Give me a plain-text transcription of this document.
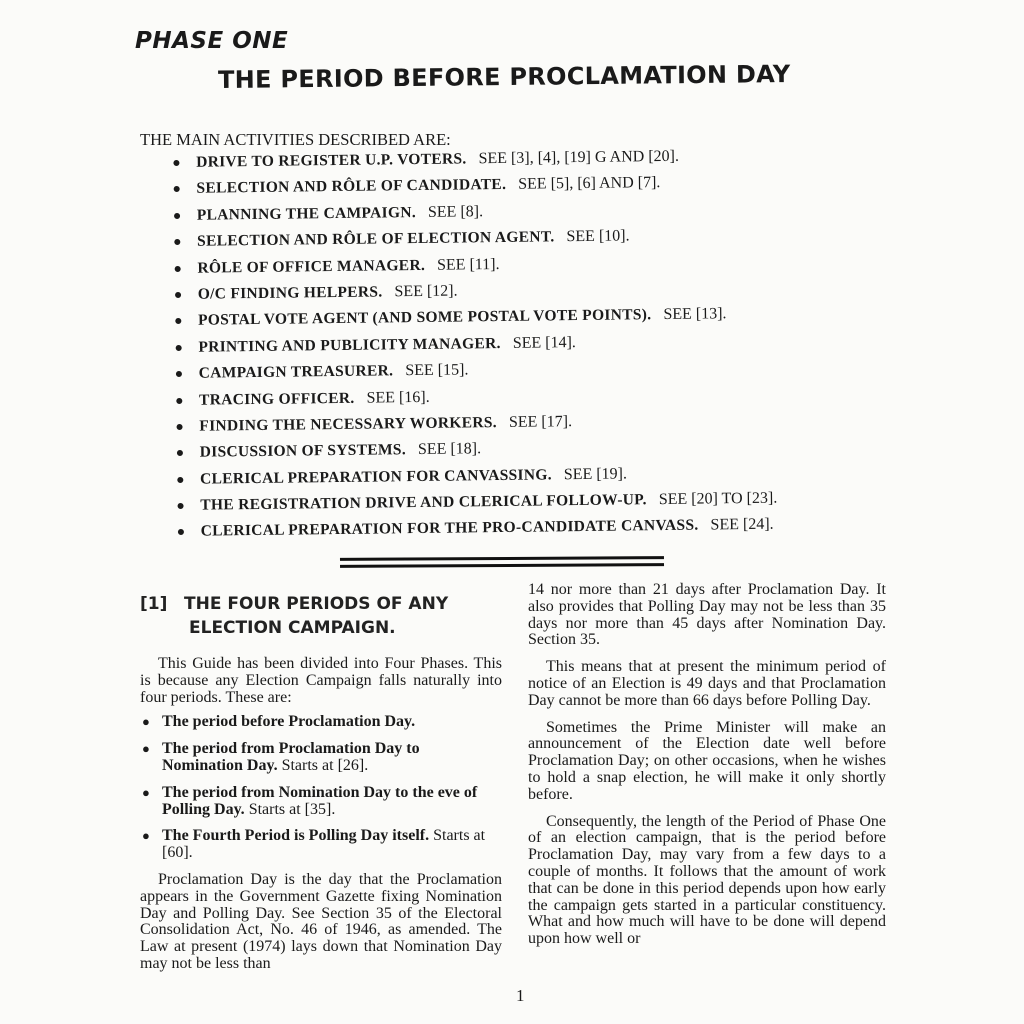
PHASE ONE
THE PERIOD BEFORE PROCLAMATION DAY
THE MAIN ACTIVITIES DESCRIBED ARE:
● DRIVE TO REGISTER U.P. VOTERS. SEE [3], [4], [19] G AND [20].
● SELECTION AND RÔLE OF CANDIDATE. SEE [5], [6] AND [7].
● PLANNING THE CAMPAIGN. SEE [8].
● SELECTION AND RÔLE OF ELECTION AGENT. SEE [10].
● RÔLE OF OFFICE MANAGER. SEE [11].
● O/C FINDING HELPERS. SEE [12].
● POSTAL VOTE AGENT (AND SOME POSTAL VOTE POINTS). SEE [13].
● PRINTING AND PUBLICITY MANAGER. SEE [14].
● CAMPAIGN TREASURER. SEE [15].
● TRACING OFFICER. SEE [16].
● FINDING THE NECESSARY WORKERS. SEE [17].
● DISCUSSION OF SYSTEMS. SEE [18].
● CLERICAL PREPARATION FOR CANVASSING. SEE [19].
● THE REGISTRATION DRIVE AND CLERICAL FOLLOW-UP. SEE [20] TO [23].
● CLERICAL PREPARATION FOR THE PRO-CANDIDATE CANVASS. SEE [24].
[1] THE FOUR PERIODS OF ANY
ELECTION CAMPAIGN.

This Guide has been divided into Four Phases. This is because any Election Campaign falls naturally into four periods. These are:

● The period before Proclamation Day.
● The period from Proclamation Day to Nomination Day. Starts at [26].
● The period from Nomination Day to the eve of Polling Day. Starts at [35].
● The Fourth Period is Polling Day itself. Starts at [60].

Proclamation Day is the day that the Proclamation appears in the Government Gazette fixing Nomination Day and Polling Day. See Section 35 of the Electoral Consolidation Act, No. 46 of 1946, as amended. The Law at present (1974) lays down that Nomination Day may not be less than

14 nor more than 21 days after Proclamation Day. It also provides that Polling Day may not be less than 35 days nor more than 45 days after Nomination Day. Section 35.

This means that at present the minimum period of notice of an Election is 49 days and that Proclamation Day cannot be more than 66 days before Polling Day.

Sometimes the Prime Minister will make an announcement of the Election date well before Proclamation Day; on other occasions, when he wishes to hold a snap election, he will make it only shortly before.

Consequently, the length of the Period of Phase One of an election campaign, that is the period before Proclamation Day, may vary from a few days to a couple of months. It follows that the amount of work that can be done in this period depends upon how early the campaign gets started in a particular constituency. What and how much will have to be done will depend upon how well or

1
